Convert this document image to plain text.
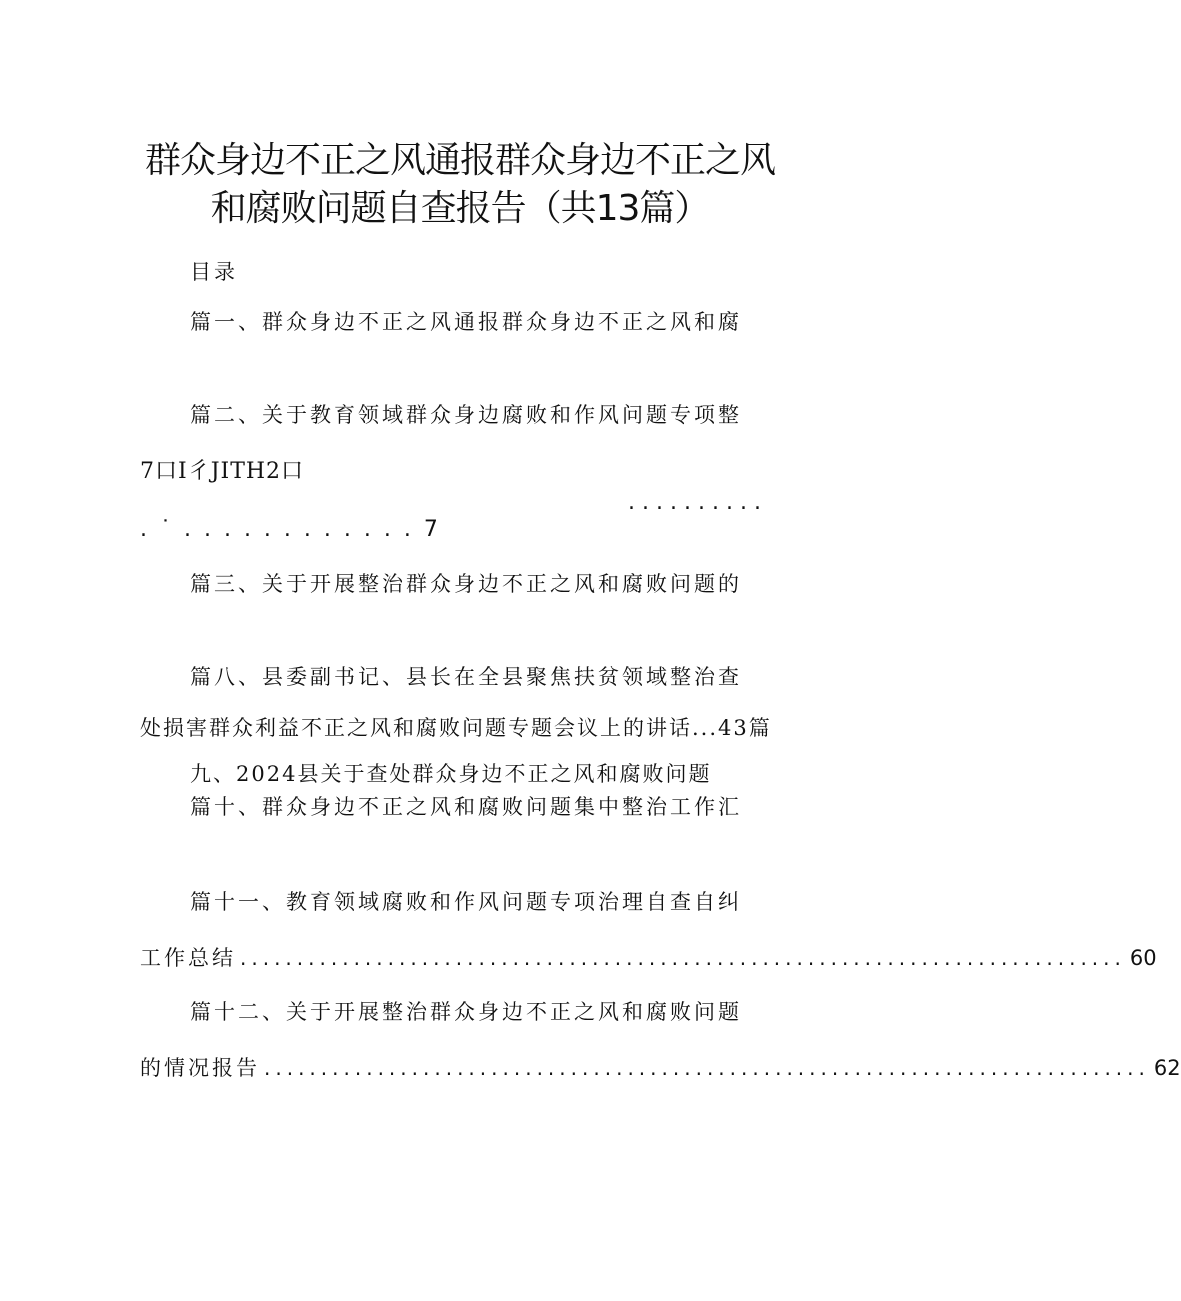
群众身边不正之风通报群众身边不正之风
和腐败问题自查报告（共13篇）
目录
篇一、群众身边不正之风通报群众身边不正之风和腐
篇二、关于教育领域群众身边腐败和作风问题专项整
7口I彳JITH2口
..........
. ˙ . . . . . . . . . . . . 7
篇三、关于开展整治群众身边不正之风和腐败问题的
篇八、县委副书记、县长在全县聚焦扶贫领域整治查
处损害群众利益不正之风和腐败问题专题会议上的讲话...43篇
九、2024县关于查处群众身边不正之风和腐败问题
篇十、群众身边不正之风和腐败问题集中整治工作汇
篇十一、教育领域腐败和作风问题专项治理自查自纠
工作总结 .............................................................................. 60
篇十二、关于开展整治群众身边不正之风和腐败问题
的情况报告 .............................................................................. 62
